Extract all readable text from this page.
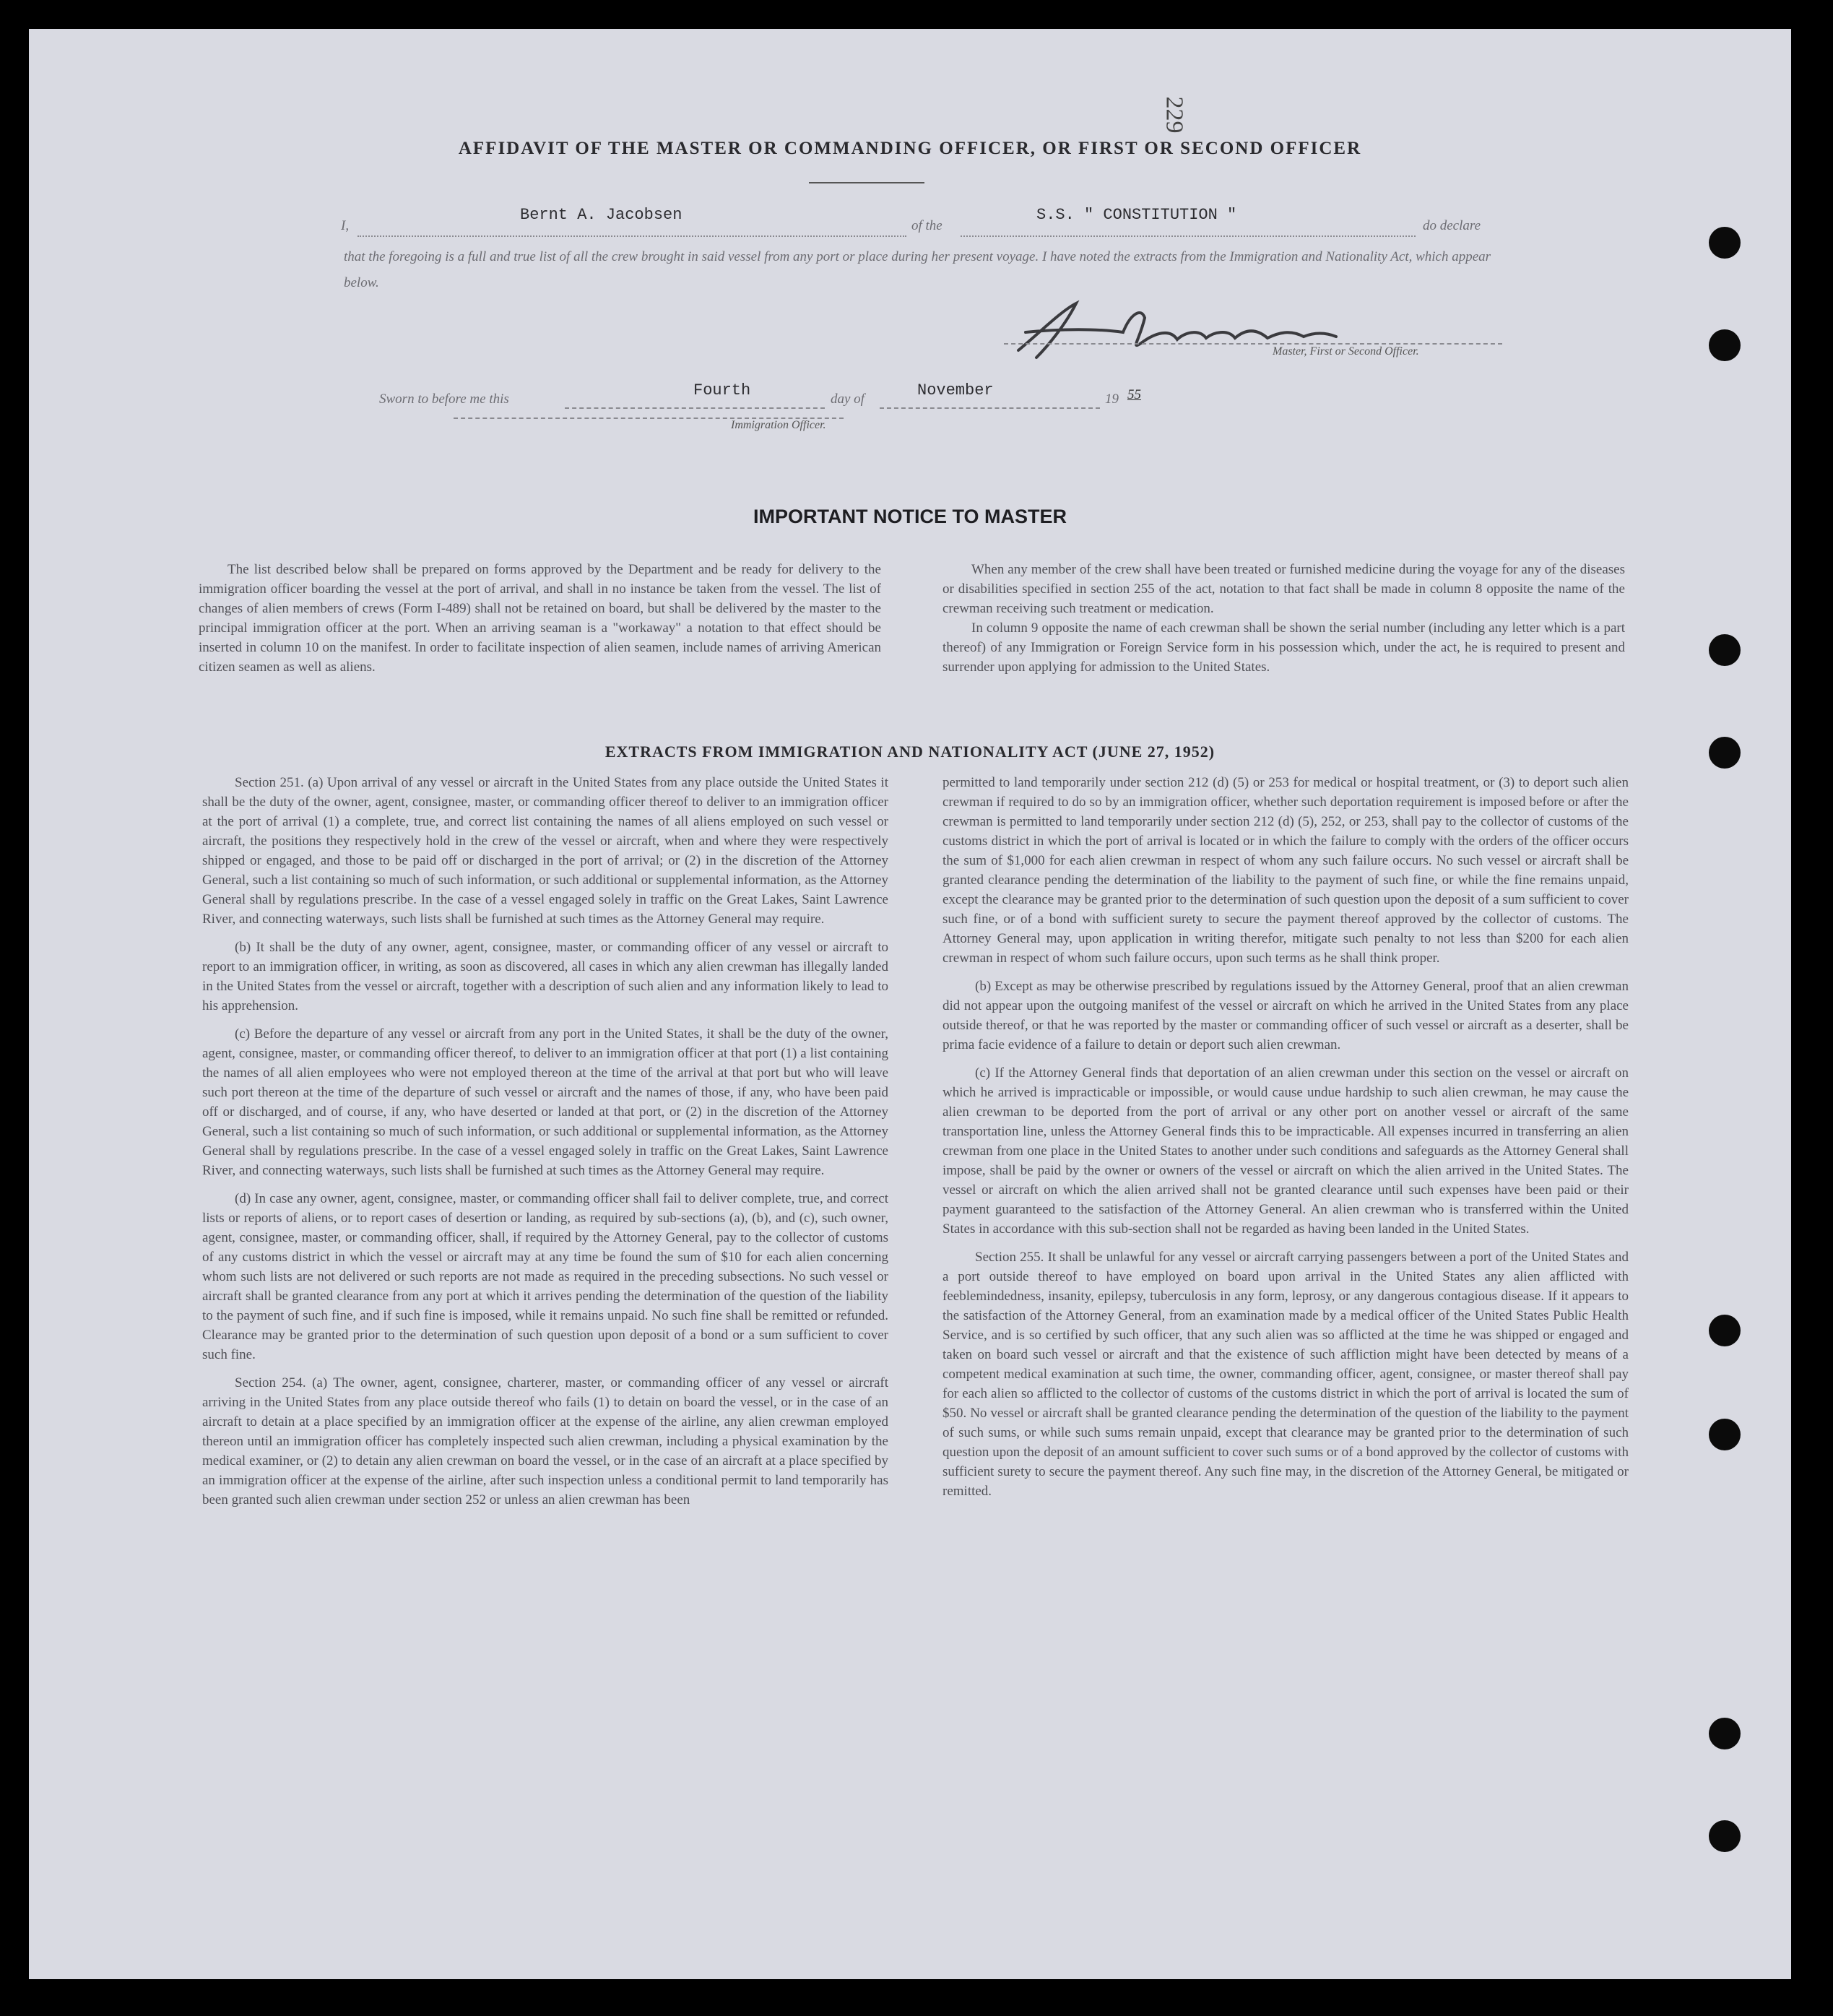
229
AFFIDAVIT OF THE MASTER OR COMMANDING OFFICER, OR FIRST OR SECOND OFFICER
I,
Bernt A. Jacobsen
of the
S.S. " CONSTITUTION "
do declare
that the foregoing is a full and true list of all the crew brought in said vessel from any port or place during her present voyage. I have noted the extracts from the Immigration and Nationality Act, which appear below.
Master, First or Second Officer.
Sworn to before me this	Fourth	day of	November	19 55
Immigration Officer.
IMPORTANT NOTICE TO MASTER

The list described below shall be prepared on forms approved by the Department and be ready for delivery to the immigration officer boarding the vessel at the port of arrival, and shall in no instance be taken from the vessel. The list of changes of alien members of crews (Form I-489) shall not be retained on board, but shall be delivered by the master to the principal immigration officer at the port. When an arriving seaman is a "workaway" a notation to that effect should be inserted in column 10 on the manifest. In order to facilitate inspection of alien seamen, include names of arriving American citizen seamen as well as aliens.

When any member of the crew shall have been treated or furnished medicine during the voyage for any of the diseases or disabilities specified in section 255 of the act, notation to that fact shall be made in column 8 opposite the name of the crewman receiving such treatment or medication.

In column 9 opposite the name of each crewman shall be shown the serial number (including any letter which is a part thereof) of any Immigration or Foreign Service form in his possession which, under the act, he is required to present and surrender upon applying for admission to the United States.

EXTRACTS FROM IMMIGRATION AND NATIONALITY ACT (JUNE 27, 1952)

Section 251. (a) Upon arrival of any vessel or aircraft in the United States from any place outside the United States it shall be the duty of the owner, agent, consignee, master, or commanding officer thereof to deliver to an immigration officer at the port of arrival (1) a complete, true, and correct list containing the names of all aliens employed on such vessel or aircraft, the positions they respectively hold in the crew of the vessel or aircraft, when and where they were respectively shipped or engaged, and those to be paid off or discharged in the port of arrival; or (2) in the discretion of the Attorney General, such a list containing so much of such information, or such additional or supplemental information, as the Attorney General shall by regulations prescribe. In the case of a vessel engaged solely in traffic on the Great Lakes, Saint Lawrence River, and connecting waterways, such lists shall be furnished at such times as the Attorney General may require.

(b) It shall be the duty of any owner, agent, consignee, master, or commanding officer of any vessel or aircraft to report to an immigration officer, in writing, as soon as discovered, all cases in which any alien crewman has illegally landed in the United States from the vessel or aircraft, together with a description of such alien and any information likely to lead to his apprehension.

(c) Before the departure of any vessel or aircraft from any port in the United States, it shall be the duty of the owner, agent, consignee, master, or commanding officer thereof, to deliver to an immigration officer at that port (1) a list containing the names of all alien employees who were not employed thereon at the time of the arrival at that port but who will leave such port thereon at the time of the departure of such vessel or aircraft and the names of those, if any, who have been paid off or discharged, and of course, if any, who have deserted or landed at that port, or (2) in the discretion of the Attorney General, such a list containing so much of such information, or such additional or supplemental information, as the Attorney General shall by regulations prescribe. In the case of a vessel engaged solely in traffic on the Great Lakes, Saint Lawrence River, and connecting waterways, such lists shall be furnished at such times as the Attorney General may require.

(d) In case any owner, agent, consignee, master, or commanding officer shall fail to deliver complete, true, and correct lists or reports of aliens, or to report cases of desertion or landing, as required by sub-sections (a), (b), and (c), such owner, agent, consignee, master, or commanding officer, shall, if required by the Attorney General, pay to the collector of customs of any customs district in which the vessel or aircraft may at any time be found the sum of $10 for each alien concerning whom such lists are not delivered or such reports are not made as required in the preceding subsections. No such vessel or aircraft shall be granted clearance from any port at which it arrives pending the determination of the question of the liability to the payment of such fine, and if such fine is imposed, while it remains unpaid. No such fine shall be remitted or refunded. Clearance may be granted prior to the determination of such question upon deposit of a bond or a sum sufficient to cover such fine.

Section 254. (a) The owner, agent, consignee, charterer, master, or commanding officer of any vessel or aircraft arriving in the United States from any place outside thereof who fails (1) to detain on board the vessel, or in the case of an aircraft to detain at a place specified by an immigration officer at the expense of the airline, any alien crewman employed thereon until an immigration officer has completely inspected such alien crewman, including a physical examination by the medical examiner, or (2) to detain any alien crewman on board the vessel, or in the case of an aircraft at a place specified by an immigration officer at the expense of the airline, after such inspection unless a conditional permit to land temporarily has been granted such alien crewman under section 252 or unless an alien crewman has been

permitted to land temporarily under section 212 (d) (5) or 253 for medical or hospital treatment, or (3) to deport such alien crewman if required to do so by an immigration officer, whether such deportation requirement is imposed before or after the crewman is permitted to land temporarily under section 212 (d) (5), 252, or 253, shall pay to the collector of customs of the customs district in which the port of arrival is located or in which the failure to comply with the orders of the officer occurs the sum of $1,000 for each alien crewman in respect of whom any such failure occurs. No such vessel or aircraft shall be granted clearance pending the determination of the liability to the payment of such fine, or while the fine remains unpaid, except the clearance may be granted prior to the determination of such question upon the deposit of a sum sufficient to cover such fine, or of a bond with sufficient surety to secure the payment thereof approved by the collector of customs. The Attorney General may, upon application in writing therefor, mitigate such penalty to not less than $200 for each alien crewman in respect of whom such failure occurs, upon such terms as he shall think proper.

(b) Except as may be otherwise prescribed by regulations issued by the Attorney General, proof that an alien crewman did not appear upon the outgoing manifest of the vessel or aircraft on which he arrived in the United States from any place outside thereof, or that he was reported by the master or commanding officer of such vessel or aircraft as a deserter, shall be prima facie evidence of a failure to detain or deport such alien crewman.

(c) If the Attorney General finds that deportation of an alien crewman under this section on the vessel or aircraft on which he arrived is impracticable or impossible, or would cause undue hardship to such alien crewman, he may cause the alien crewman to be deported from the port of arrival or any other port on another vessel or aircraft of the same transportation line, unless the Attorney General finds this to be impracticable. All expenses incurred in transferring an alien crewman from one place in the United States to another under such conditions and safeguards as the Attorney General shall impose, shall be paid by the owner or owners of the vessel or aircraft on which the alien arrived in the United States. The vessel or aircraft on which the alien arrived shall not be granted clearance until such expenses have been paid or their payment guaranteed to the satisfaction of the Attorney General. An alien crewman who is transferred within the United States in accordance with this sub-section shall not be regarded as having been landed in the United States.

Section 255. It shall be unlawful for any vessel or aircraft carrying passengers between a port of the United States and a port outside thereof to have employed on board upon arrival in the United States any alien afflicted with feeblemindedness, insanity, epilepsy, tuberculosis in any form, leprosy, or any dangerous contagious disease. If it appears to the satisfaction of the Attorney General, from an examination made by a medical officer of the United States Public Health Service, and is so certified by such officer, that any such alien was so afflicted at the time he was shipped or engaged and taken on board such vessel or aircraft and that the existence of such affliction might have been detected by means of a competent medical examination at such time, the owner, commanding officer, agent, consignee, or master thereof shall pay for each alien so afflicted to the collector of customs of the customs district in which the port of arrival is located the sum of $50. No vessel or aircraft shall be granted clearance pending the determination of the question of the liability to the payment of such sums, or while such sums remain unpaid, except that clearance may be granted prior to the determination of such question upon the deposit of an amount sufficient to cover such sums or of a bond approved by the collector of customs with sufficient surety to secure the payment thereof. Any such fine may, in the discretion of the Attorney General, be mitigated or remitted.
